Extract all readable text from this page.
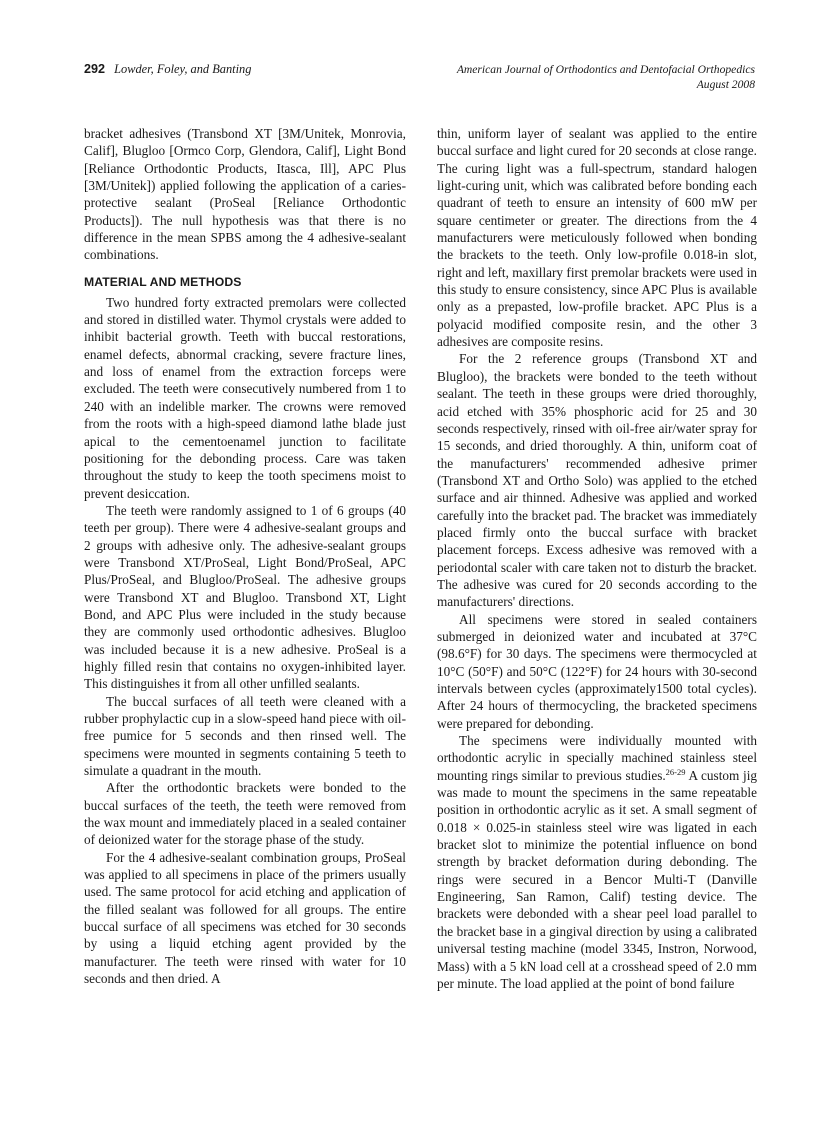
292 Lowder, Foley, and Banting	American Journal of Orthodontics and Dentofacial Orthopedics
August 2008

bracket adhesives (Transbond XT [3M/Unitek, Monrovia, Calif], Blugloo [Ormco Corp, Glendora, Calif], Light Bond [Reliance Orthodontic Products, Itasca, Ill], APC Plus [3M/Unitek]) applied following the application of a caries-protective sealant (ProSeal [Reliance Orthodontic Products]). The null hypothesis was that there is no difference in the mean SPBS among the 4 adhesive-sealant combinations.

MATERIAL AND METHODS

Two hundred forty extracted premolars were collected and stored in distilled water. Thymol crystals were added to inhibit bacterial growth. Teeth with buccal restorations, enamel defects, abnormal cracking, severe fracture lines, and loss of enamel from the extraction forceps were excluded. The teeth were consecutively numbered from 1 to 240 with an indelible marker. The crowns were removed from the roots with a high-speed diamond lathe blade just apical to the cementoenamel junction to facilitate positioning for the debonding process. Care was taken throughout the study to keep the tooth specimens moist to prevent desiccation.

The teeth were randomly assigned to 1 of 6 groups (40 teeth per group). There were 4 adhesive-sealant groups and 2 groups with adhesive only. The adhesive-sealant groups were Transbond XT/ProSeal, Light Bond/ProSeal, APC Plus/ProSeal, and Blugloo/ProSeal. The adhesive groups were Transbond XT and Blugloo. Transbond XT, Light Bond, and APC Plus were included in the study because they are commonly used orthodontic adhesives. Blugloo was included because it is a new adhesive. ProSeal is a highly filled resin that contains no oxygen-inhibited layer. This distinguishes it from all other unfilled sealants.

The buccal surfaces of all teeth were cleaned with a rubber prophylactic cup in a slow-speed hand piece with oil-free pumice for 5 seconds and then rinsed well. The specimens were mounted in segments containing 5 teeth to simulate a quadrant in the mouth.

After the orthodontic brackets were bonded to the buccal surfaces of the teeth, the teeth were removed from the wax mount and immediately placed in a sealed container of deionized water for the storage phase of the study.

For the 4 adhesive-sealant combination groups, ProSeal was applied to all specimens in place of the primers usually used. The same protocol for acid etching and application of the filled sealant was followed for all groups. The entire buccal surface of all specimens was etched for 30 seconds by using a liquid etching agent provided by the manufacturer. The teeth were rinsed with water for 10 seconds and then dried. A

thin, uniform layer of sealant was applied to the entire buccal surface and light cured for 20 seconds at close range. The curing light was a full-spectrum, standard halogen light-curing unit, which was calibrated before bonding each quadrant of teeth to ensure an intensity of 600 mW per square centimeter or greater. The directions from the 4 manufacturers were meticulously followed when bonding the brackets to the teeth. Only low-profile 0.018-in slot, right and left, maxillary first premolar brackets were used in this study to ensure consistency, since APC Plus is available only as a prepasted, low-profile bracket. APC Plus is a polyacid modified composite resin, and the other 3 adhesives are composite resins.

For the 2 reference groups (Transbond XT and Blugloo), the brackets were bonded to the teeth without sealant. The teeth in these groups were dried thoroughly, acid etched with 35% phosphoric acid for 25 and 30 seconds respectively, rinsed with oil-free air/water spray for 15 seconds, and dried thoroughly. A thin, uniform coat of the manufacturers' recommended adhesive primer (Transbond XT and Ortho Solo) was applied to the etched surface and air thinned. Adhesive was applied and worked carefully into the bracket pad. The bracket was immediately placed firmly onto the buccal surface with bracket placement forceps. Excess adhesive was removed with a periodontal scaler with care taken not to disturb the bracket. The adhesive was cured for 20 seconds according to the manufacturers' directions.

All specimens were stored in sealed containers submerged in deionized water and incubated at 37°C (98.6°F) for 30 days. The specimens were thermocycled at 10°C (50°F) and 50°C (122°F) for 24 hours with 30-second intervals between cycles (approximately1500 total cycles). After 24 hours of thermocycling, the bracketed specimens were prepared for debonding.

The specimens were individually mounted with orthodontic acrylic in specially machined stainless steel mounting rings similar to previous studies.$^{26-29}$ A custom jig was made to mount the specimens in the same repeatable position in orthodontic acrylic as it set. A small segment of 0.018 × 0.025-in stainless steel wire was ligated in each bracket slot to minimize the potential influence on bond strength by bracket deformation during debonding. The rings were secured in a Bencor Multi-T (Danville Engineering, San Ramon, Calif) testing device. The brackets were debonded with a shear peel load parallel to the bracket base in a gingival direction by using a calibrated universal testing machine (model 3345, Instron, Norwood, Mass) with a 5 kN load cell at a crosshead speed of 2.0 mm per minute. The load applied at the point of bond failure
